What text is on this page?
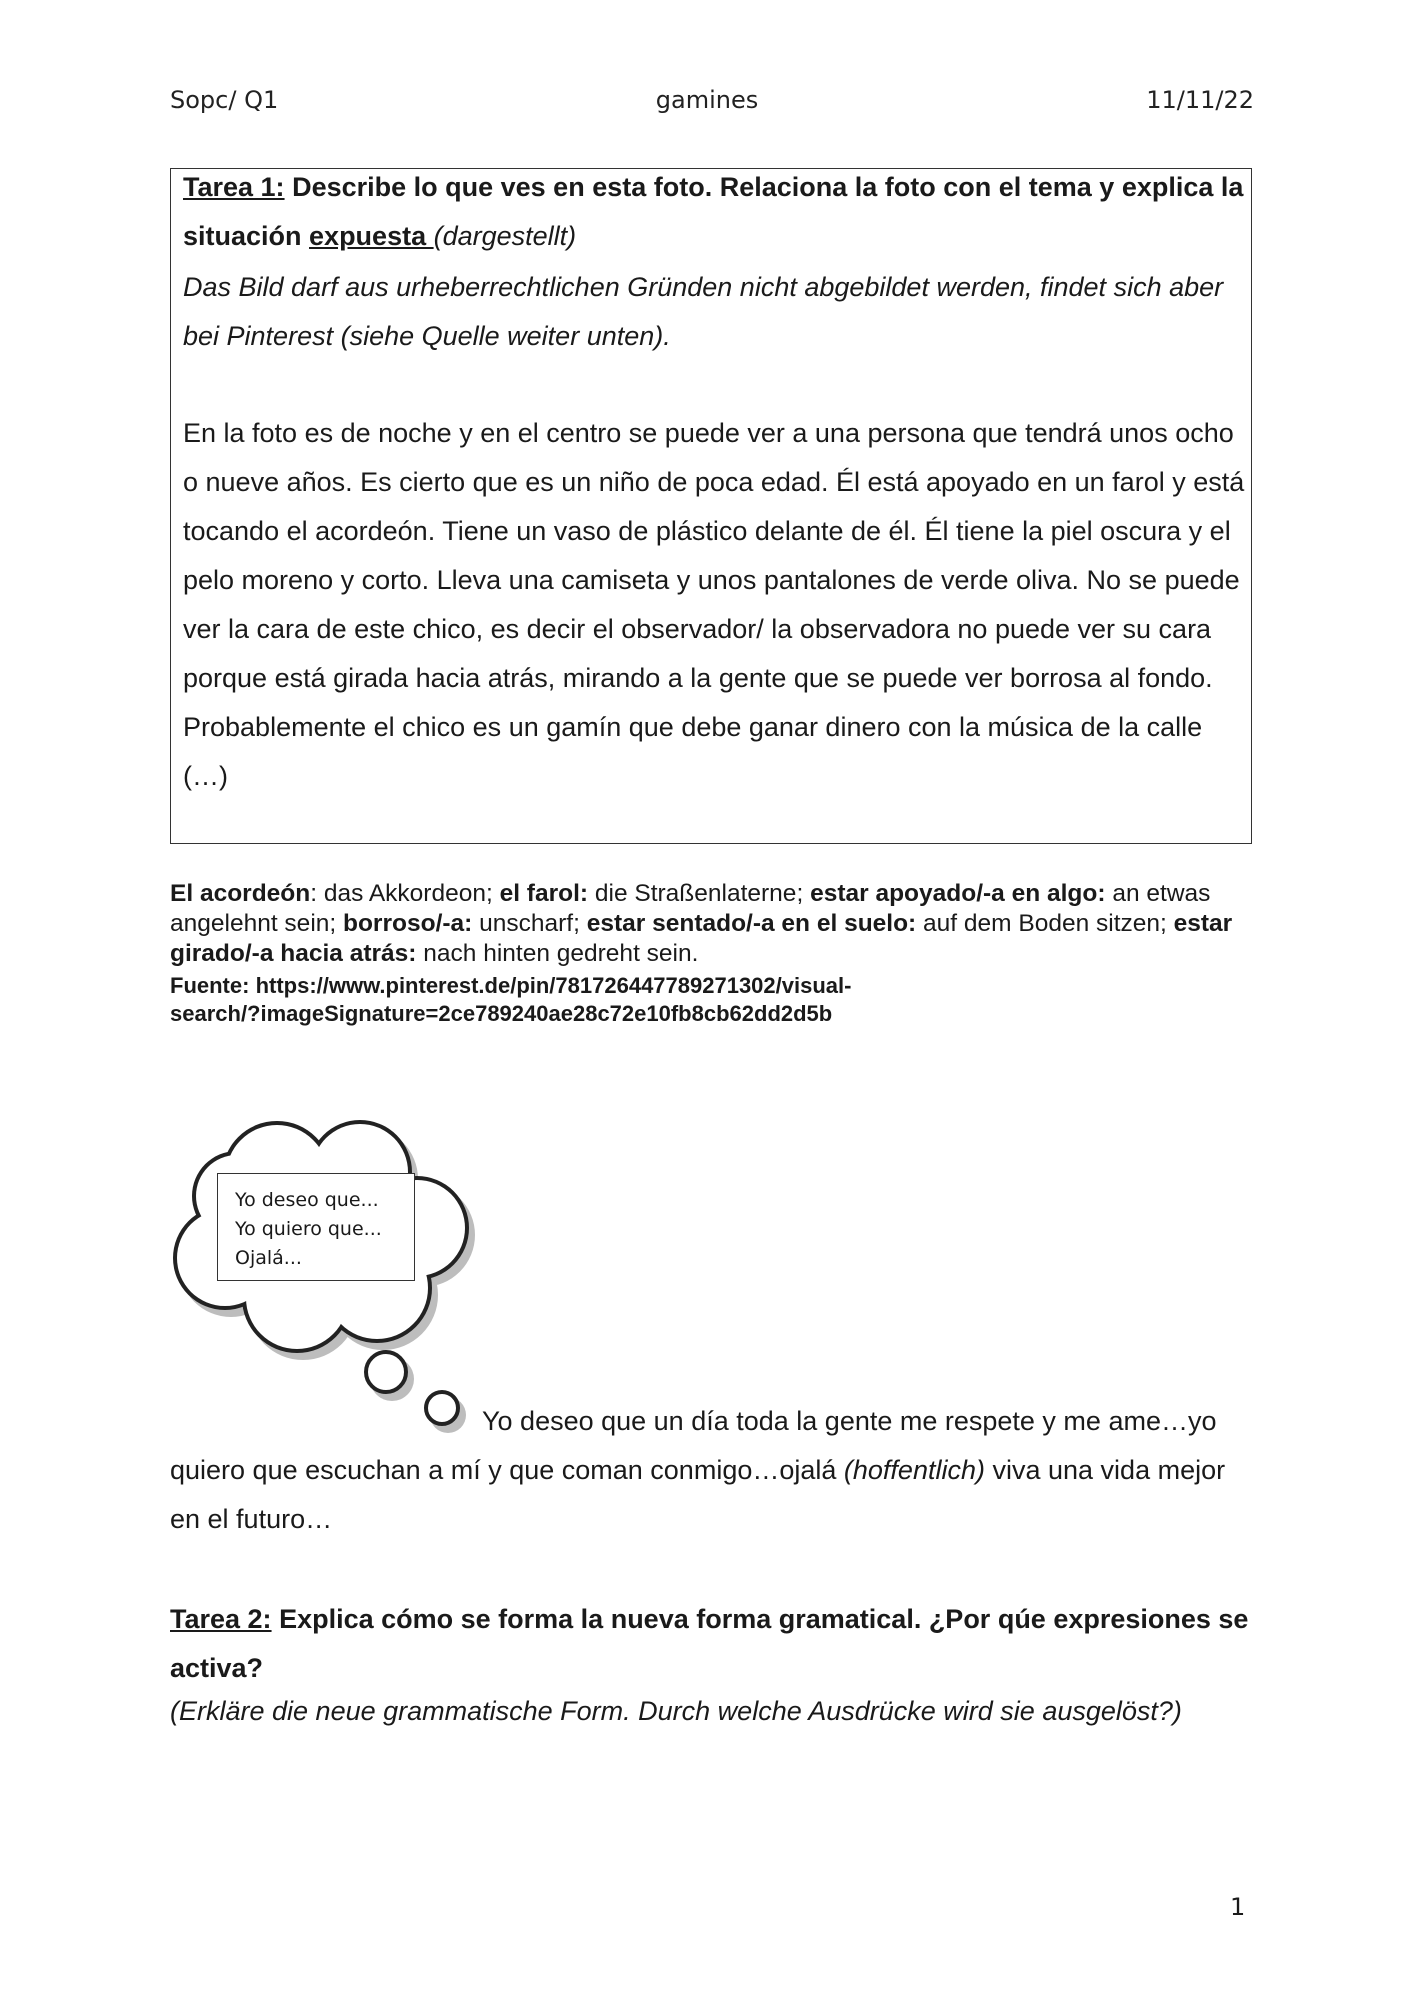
Sopc/ Q1	gamines	11/11/22
Tarea 1: Describe lo que ves en esta foto. Relaciona la foto con el tema y explica la situación expuesta (dargestellt)
Das Bild darf aus urheberrechtlichen Gründen nicht abgebildet werden, findet sich aber bei Pinterest (siehe Quelle weiter unten).
En la foto es de noche y en el centro se puede ver a una persona que tendrá unos ocho o nueve años. Es cierto que es un niño de poca edad. Él está apoyado en un farol y está tocando el acordeón. Tiene un vaso de plástico delante de él. Él tiene la piel oscura y el pelo moreno y corto. Lleva una camiseta y unos pantalones de verde oliva. No se puede ver la cara de este chico, es decir el observador/ la observadora no puede ver su cara porque está girada hacia atrás, mirando a la gente que se puede ver borrosa al fondo. Probablemente el chico es un gamín que debe ganar dinero con la música de la calle (…)
El acordeón: das Akkordeon; el farol: die Straßenlaterne; estar apoyado/-a en algo: an etwas angelehnt sein; borroso/-a: unscharf; estar sentado/-a en el suelo: auf dem Boden sitzen; estar girado/-a hacia atrás: nach hinten gedreht sein.
Fuente: https://www.pinterest.de/pin/781726447789271302/visual-
search/?imageSignature=2ce789240ae28c72e10fb8cb62dd2d5b
Yo deseo que...
Yo quiero que...
Ojalá...
Yo deseo que un día toda la gente me respete y me ame…yo quiero que escuchan a mí y que coman conmigo…ojalá (hoffentlich) viva una vida mejor en el futuro…
Tarea 2: Explica cómo se forma la nueva forma gramatical. ¿Por qúe expresiones se activa?
(Erkläre die neue grammatische Form. Durch welche Ausdrücke wird sie ausgelöst?)
1
